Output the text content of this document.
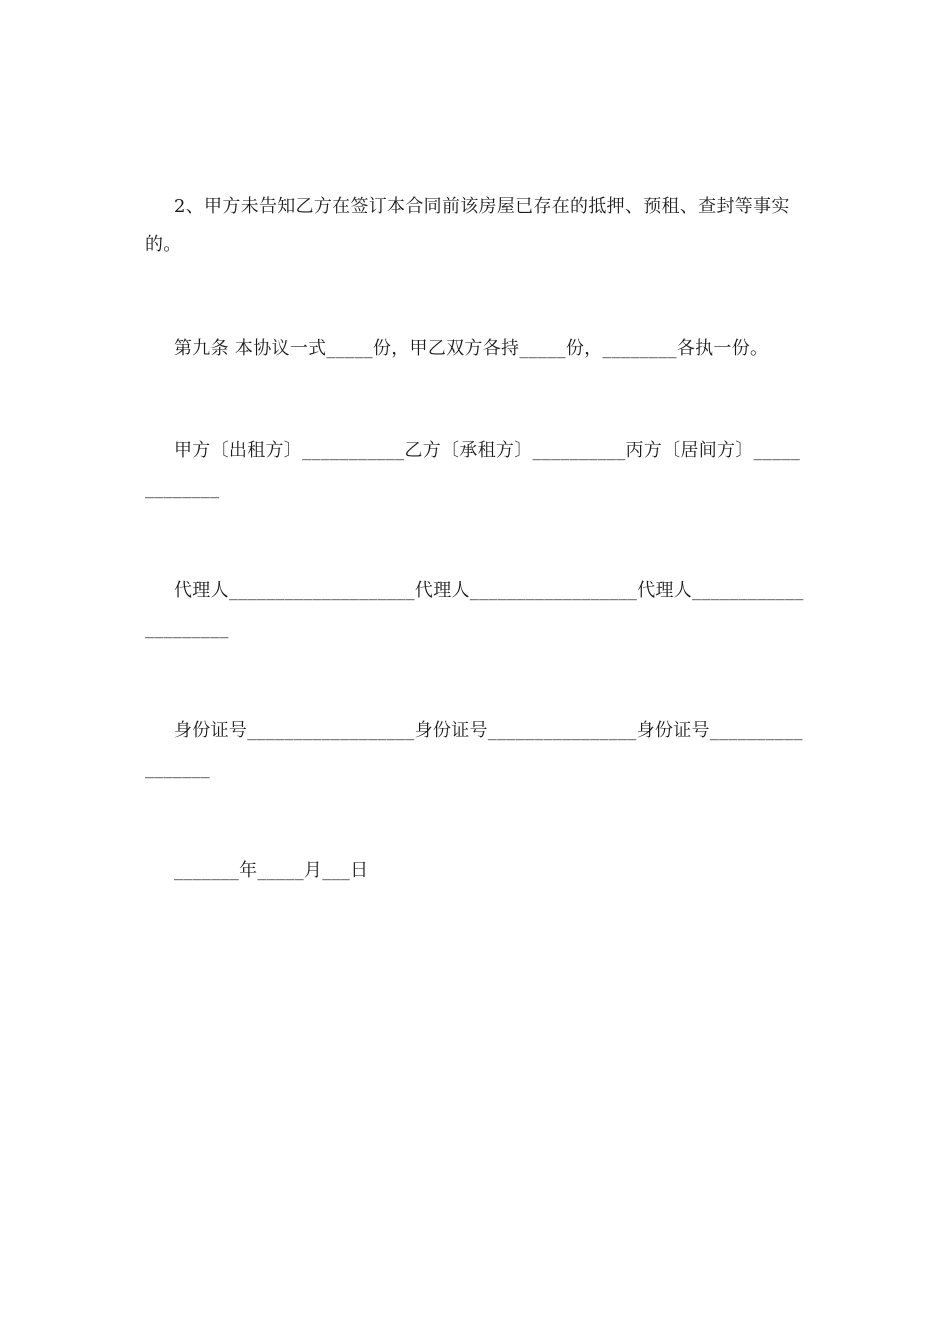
2、甲方未告知乙方在签订本合同前该房屋已存在的抵押、预租、查封等事实的。
第九条 本协议一式_____份，甲乙双方各持_____份，________各执一份。
甲方〔出租方〕___________乙方〔承租方〕__________丙方〔居间方〕_____________
代理人____________________代理人__________________代理人_____________________
身份证号__________________身份证号________________身份证号_________________
_______年_____月___日
